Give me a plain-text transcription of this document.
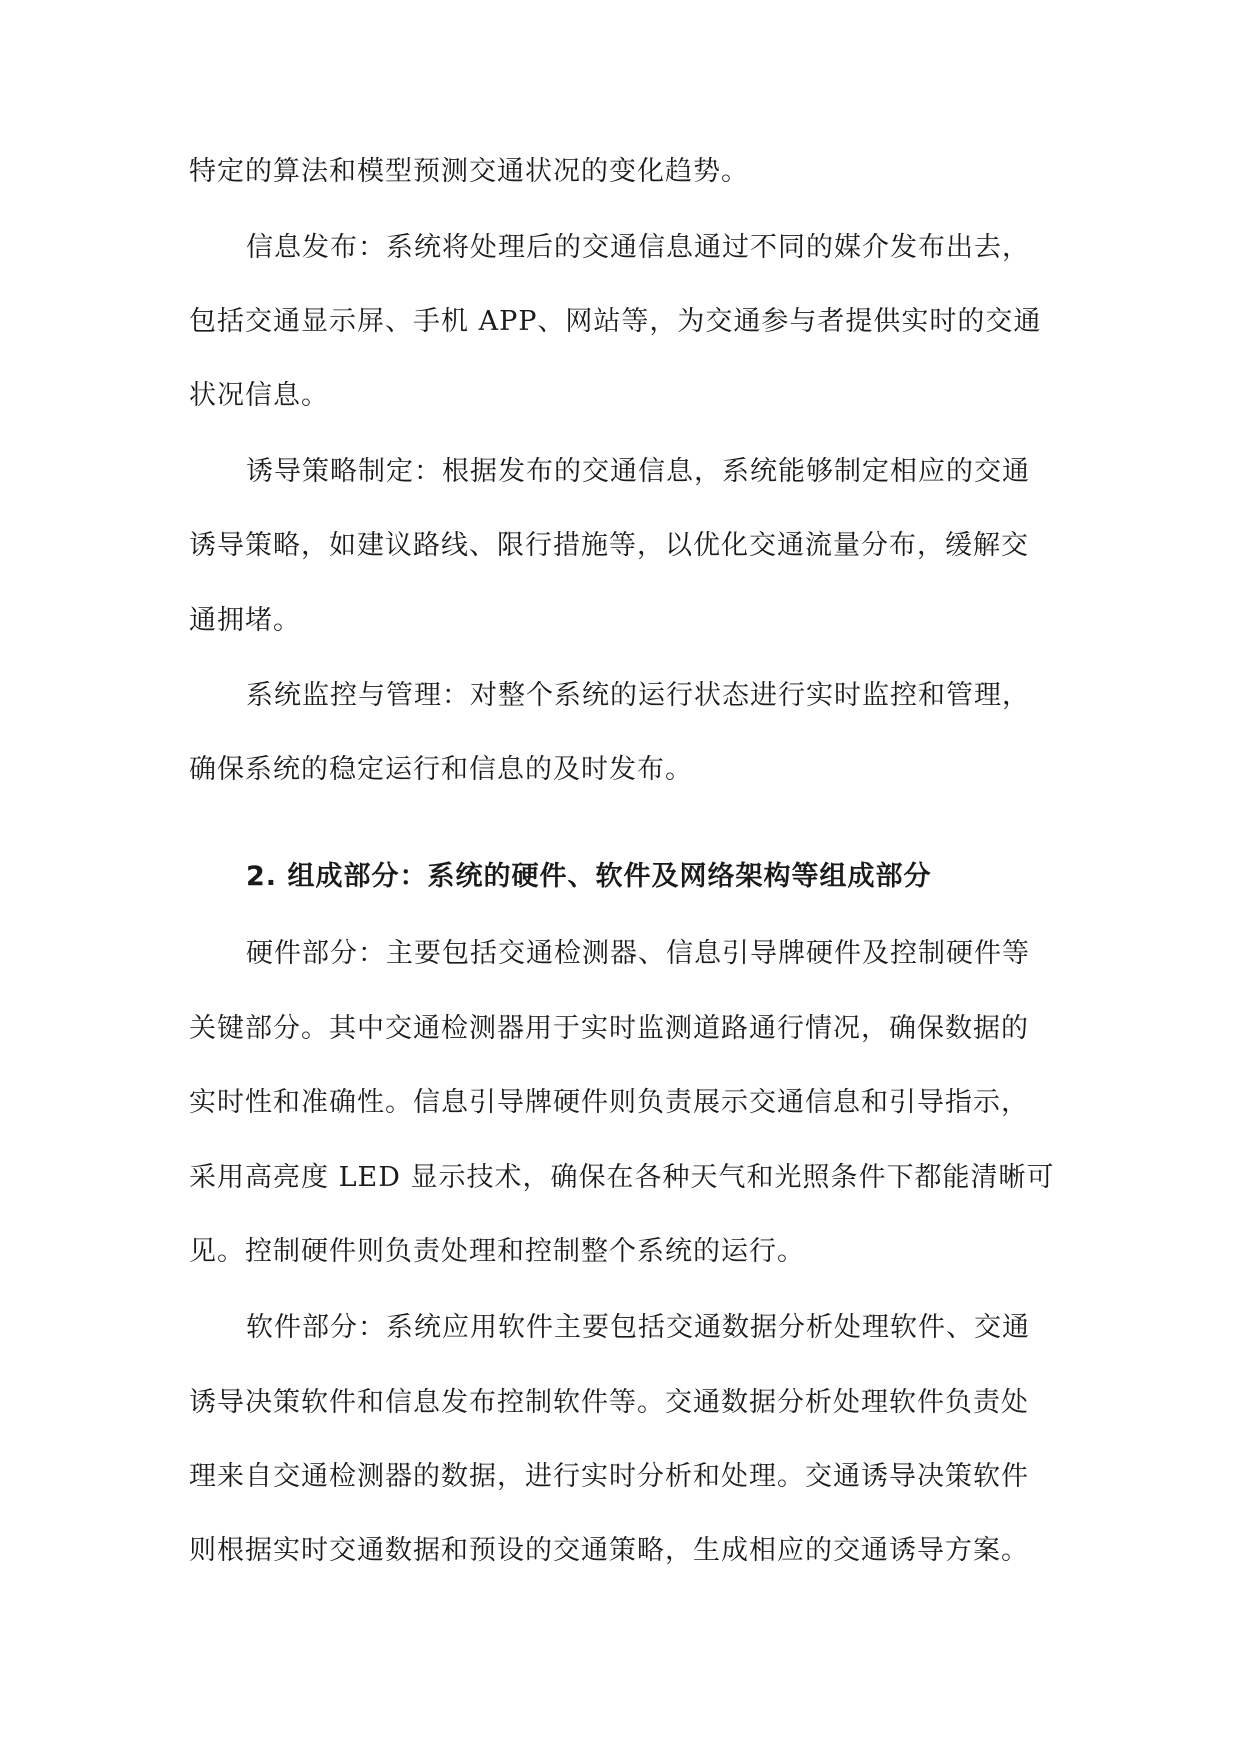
特定的算法和模型预测交通状况的变化趋势。

信息发布：系统将处理后的交通信息通过不同的媒介发布出去，

包括交通显示屏、手机 APP、网站等，为交通参与者提供实时的交通

状况信息。

诱导策略制定：根据发布的交通信息，系统能够制定相应的交通

诱导策略，如建议路线、限行措施等，以优化交通流量分布，缓解交

通拥堵。

系统监控与管理：对整个系统的运行状态进行实时监控和管理，

确保系统的稳定运行和信息的及时发布。

2. 组成部分：系统的硬件、软件及网络架构等组成部分

硬件部分：主要包括交通检测器、信息引导牌硬件及控制硬件等

关键部分。其中交通检测器用于实时监测道路通行情况，确保数据的

实时性和准确性。信息引导牌硬件则负责展示交通信息和引导指示，

采用高亮度 LED 显示技术，确保在各种天气和光照条件下都能清晰可

见。控制硬件则负责处理和控制整个系统的运行。

软件部分：系统应用软件主要包括交通数据分析处理软件、交通

诱导决策软件和信息发布控制软件等。交通数据分析处理软件负责处

理来自交通检测器的数据，进行实时分析和处理。交通诱导决策软件

则根据实时交通数据和预设的交通策略，生成相应的交通诱导方案。
